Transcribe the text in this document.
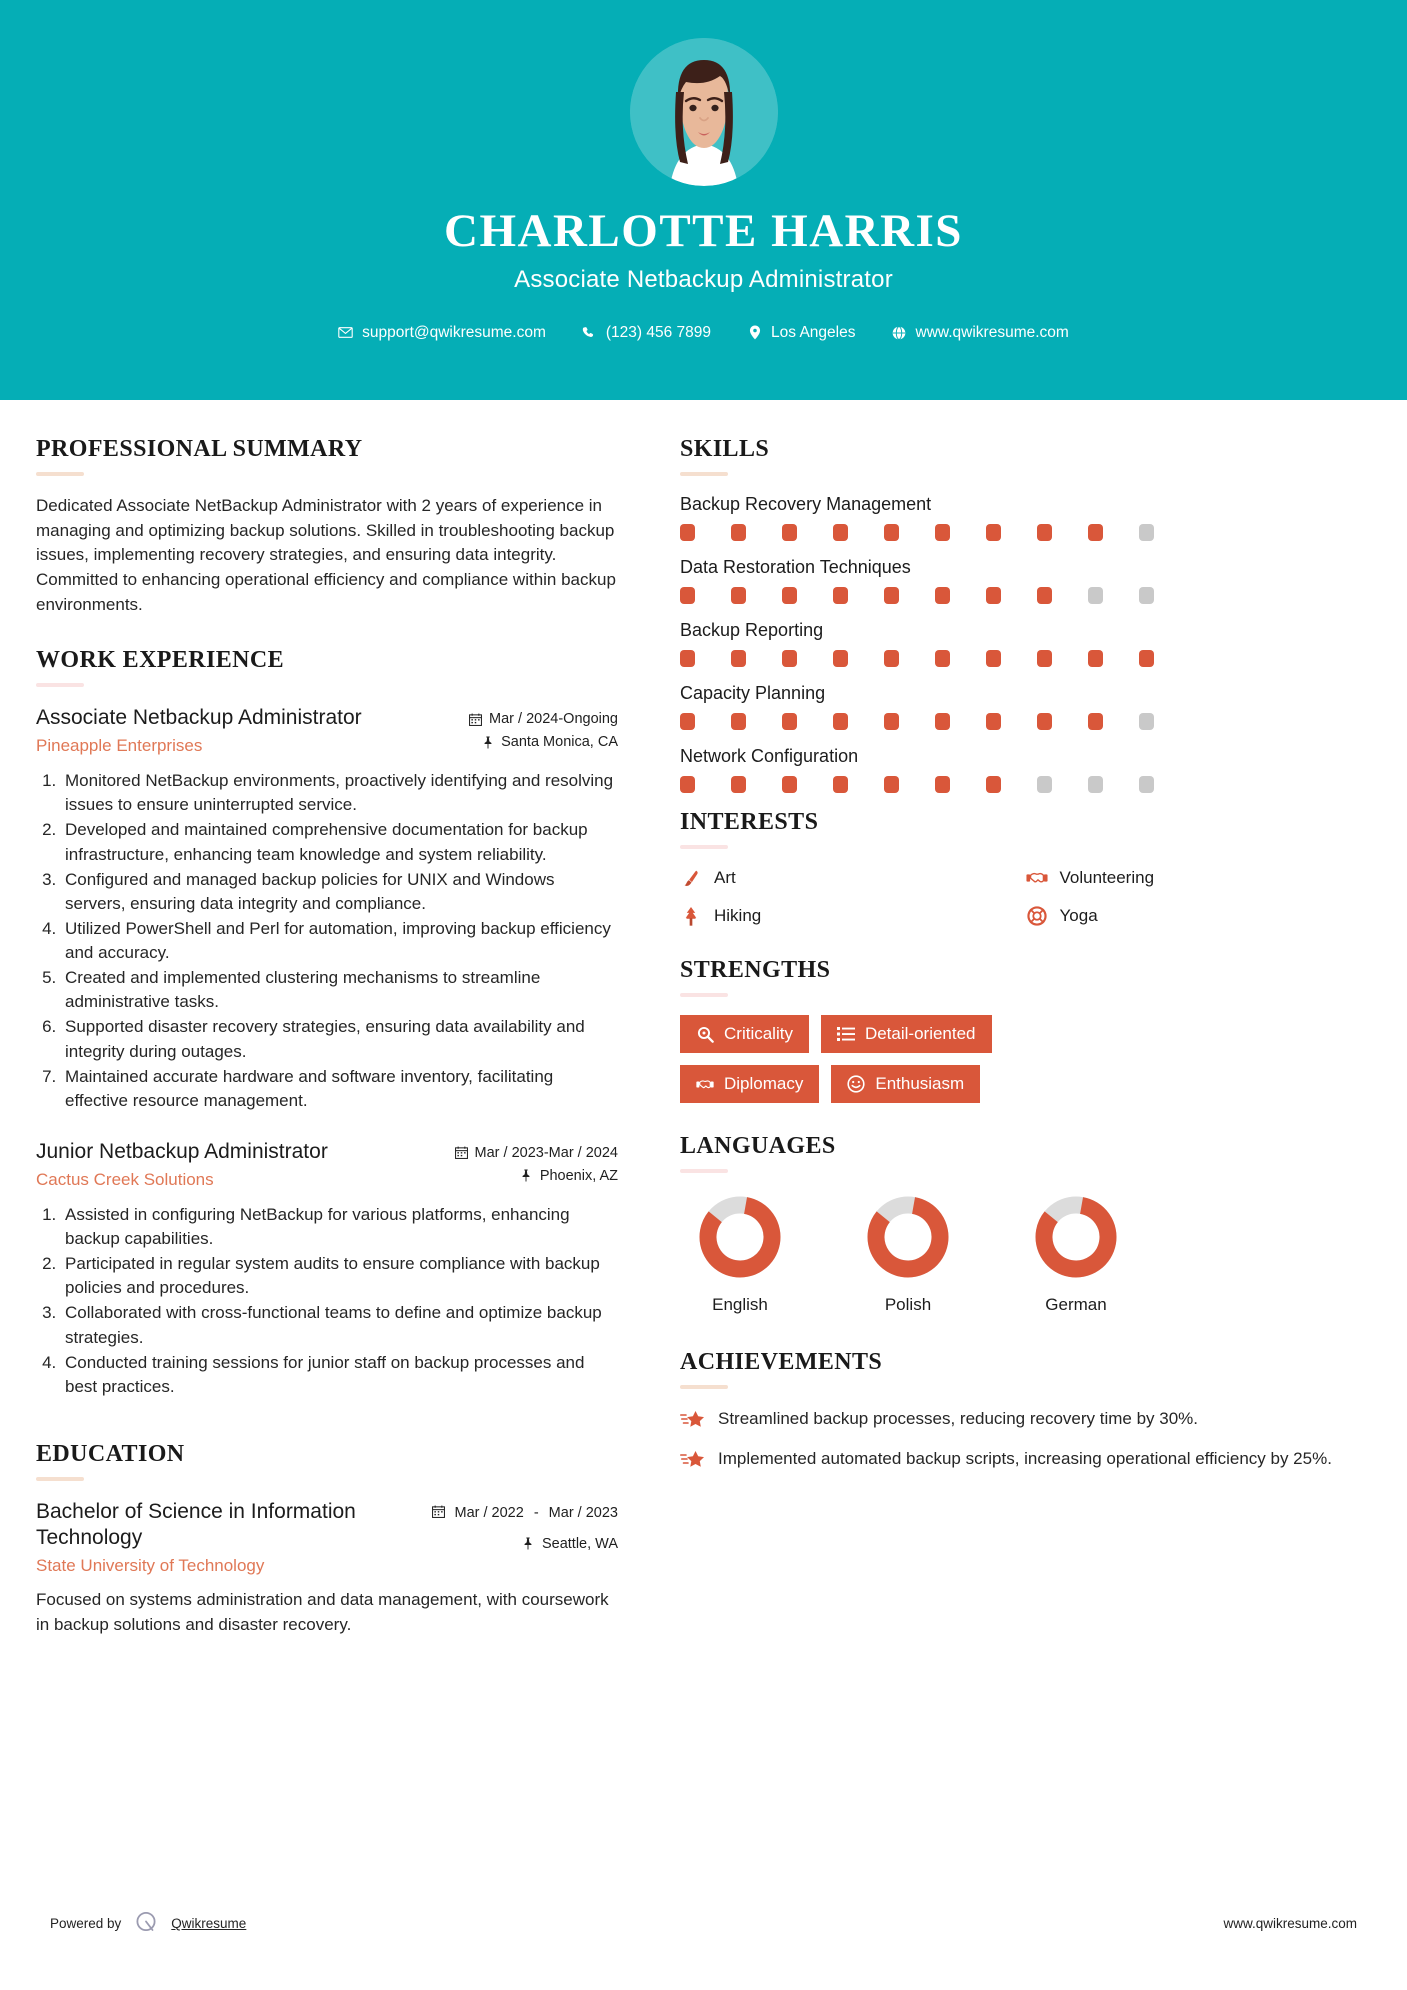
CHARLOTTE HARRIS
Associate Netbackup Administrator
support@qwikresume.com	(123) 456 7899	Los Angeles	www.qwikresume.com
PROFESSIONAL SUMMARY

Dedicated Associate NetBackup Administrator with 2 years of experience in managing and optimizing backup solutions. Skilled in troubleshooting backup issues, implementing recovery strategies, and ensuring data integrity. Committed to enhancing operational efficiency and compliance within backup environments.

WORK EXPERIENCE
Associate Netbackup Administrator
Pineapple Enterprises
Mar / 2024-Ongoing
Santa Monica, CA
1. Monitored NetBackup environments, proactively identifying and resolving issues to ensure uninterrupted service.
2. Developed and maintained comprehensive documentation for backup infrastructure, enhancing team knowledge and system reliability.
3. Configured and managed backup policies for UNIX and Windows servers, ensuring data integrity and compliance.
4. Utilized PowerShell and Perl for automation, improving backup efficiency and accuracy.
5. Created and implemented clustering mechanisms to streamline administrative tasks.
6. Supported disaster recovery strategies, ensuring data availability and integrity during outages.
7. Maintained accurate hardware and software inventory, facilitating effective resource management.
Junior Netbackup Administrator
Cactus Creek Solutions
Mar / 2023-Mar / 2024
Phoenix, AZ
1. Assisted in configuring NetBackup for various platforms, enhancing backup capabilities.
2. Participated in regular system audits to ensure compliance with backup policies and procedures.
3. Collaborated with cross-functional teams to define and optimize backup strategies.
4. Conducted training sessions for junior staff on backup processes and best practices.
EDUCATION
Bachelor of Science in Information Technology
State University of Technology
Mar / 2022 - Mar / 2023
Seattle, WA

Focused on systems administration and data management, with coursework in backup solutions and disaster recovery.

SKILLS
Backup Recovery Management
Data Restoration Techniques
Backup Reporting
Capacity Planning
Network Configuration
INTERESTS
Art	Volunteering
Hiking	Yoga
STRENGTHS
Criticality	Detail-oriented
Diplomacy	Enthusiasm
LANGUAGES
English	Polish	German
ACHIEVEMENTS
Streamlined backup processes, reducing recovery time by 30%.
Implemented automated backup scripts, increasing operational efficiency by 25%.
Powered by	Qwikresume	www.qwikresume.com
